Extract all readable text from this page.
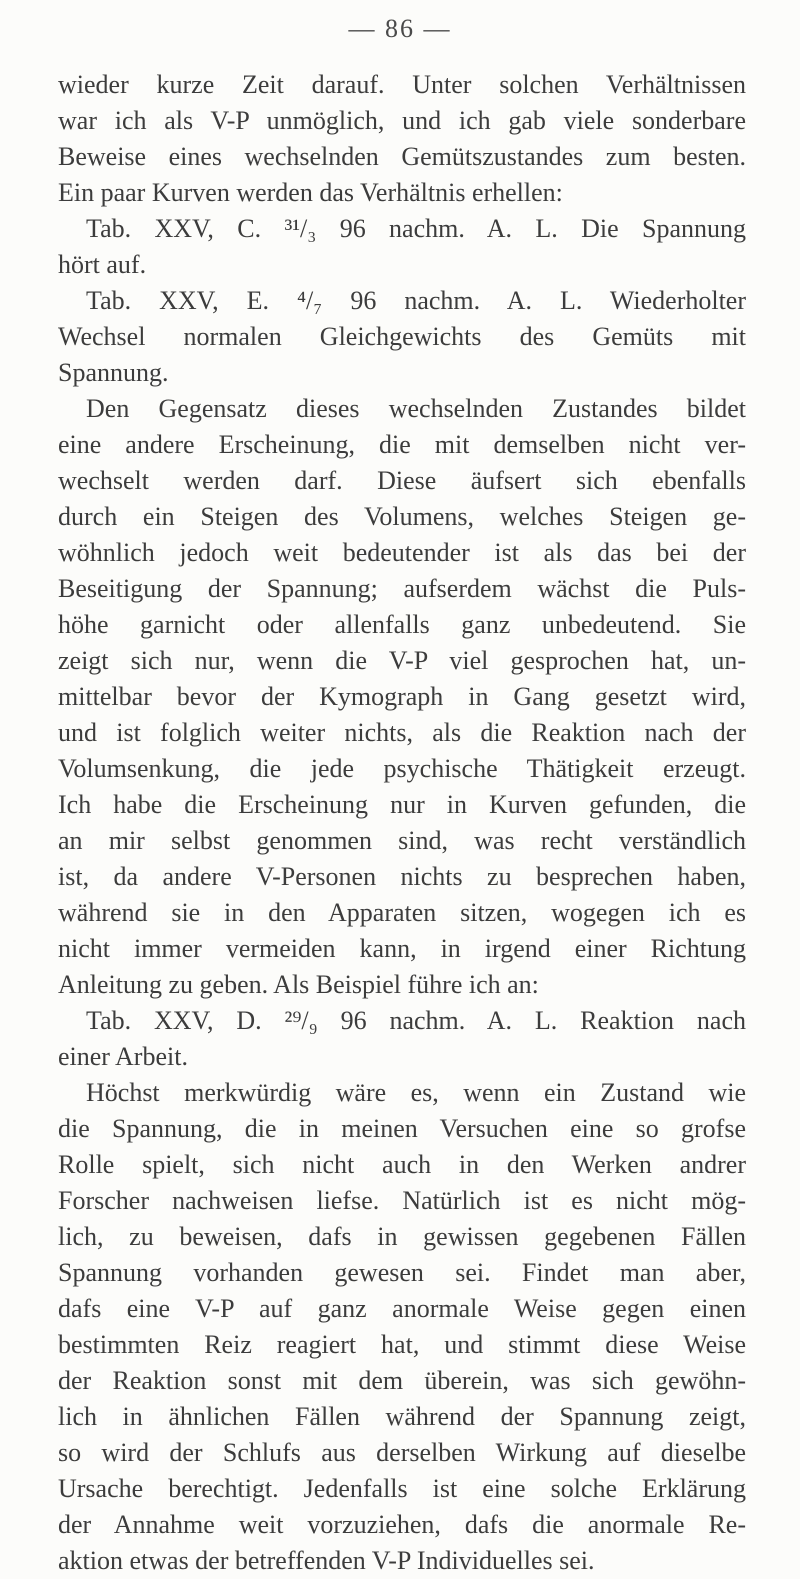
— 86 —
wieder kurze Zeit darauf. Unter solchen Verhältnissen
war ich als V-P unmöglich, und ich gab viele sonderbare
Beweise eines wechselnden Gemütszustandes zum besten.
Ein paar Kurven werden das Verhältnis erhellen:
Tab. XXV, C. ³¹/₃ 96 nachm. A. L. Die Spannung
hört auf.
Tab. XXV, E. ⁴/₇ 96 nachm. A. L. Wiederholter
Wechsel normalen Gleichgewichts des Gemüts mit
Spannung.
Den Gegensatz dieses wechselnden Zustandes bildet
eine andere Erscheinung, die mit demselben nicht ver-
wechselt werden darf. Diese äufsert sich ebenfalls
durch ein Steigen des Volumens, welches Steigen ge-
wöhnlich jedoch weit bedeutender ist als das bei der
Beseitigung der Spannung; aufserdem wächst die Puls-
höhe garnicht oder allenfalls ganz unbedeutend. Sie
zeigt sich nur, wenn die V-P viel gesprochen hat, un-
mittelbar bevor der Kymograph in Gang gesetzt wird,
und ist folglich weiter nichts, als die Reaktion nach der
Volumsenkung, die jede psychische Thätigkeit erzeugt.
Ich habe die Erscheinung nur in Kurven gefunden, die
an mir selbst genommen sind, was recht verständlich
ist, da andere V-Personen nichts zu besprechen haben,
während sie in den Apparaten sitzen, wogegen ich es
nicht immer vermeiden kann, in irgend einer Richtung
Anleitung zu geben. Als Beispiel führe ich an:
Tab. XXV, D. ²⁹/₉ 96 nachm. A. L. Reaktion nach
einer Arbeit.
Höchst merkwürdig wäre es, wenn ein Zustand wie
die Spannung, die in meinen Versuchen eine so grofse
Rolle spielt, sich nicht auch in den Werken andrer
Forscher nachweisen liefse. Natürlich ist es nicht mög-
lich, zu beweisen, dafs in gewissen gegebenen Fällen
Spannung vorhanden gewesen sei. Findet man aber,
dafs eine V-P auf ganz anormale Weise gegen einen
bestimmten Reiz reagiert hat, und stimmt diese Weise
der Reaktion sonst mit dem überein, was sich gewöhn-
lich in ähnlichen Fällen während der Spannung zeigt,
so wird der Schlufs aus derselben Wirkung auf dieselbe
Ursache berechtigt. Jedenfalls ist eine solche Erklärung
der Annahme weit vorzuziehen, dafs die anormale Re-
aktion etwas der betreffenden V-P Individuelles sei.
